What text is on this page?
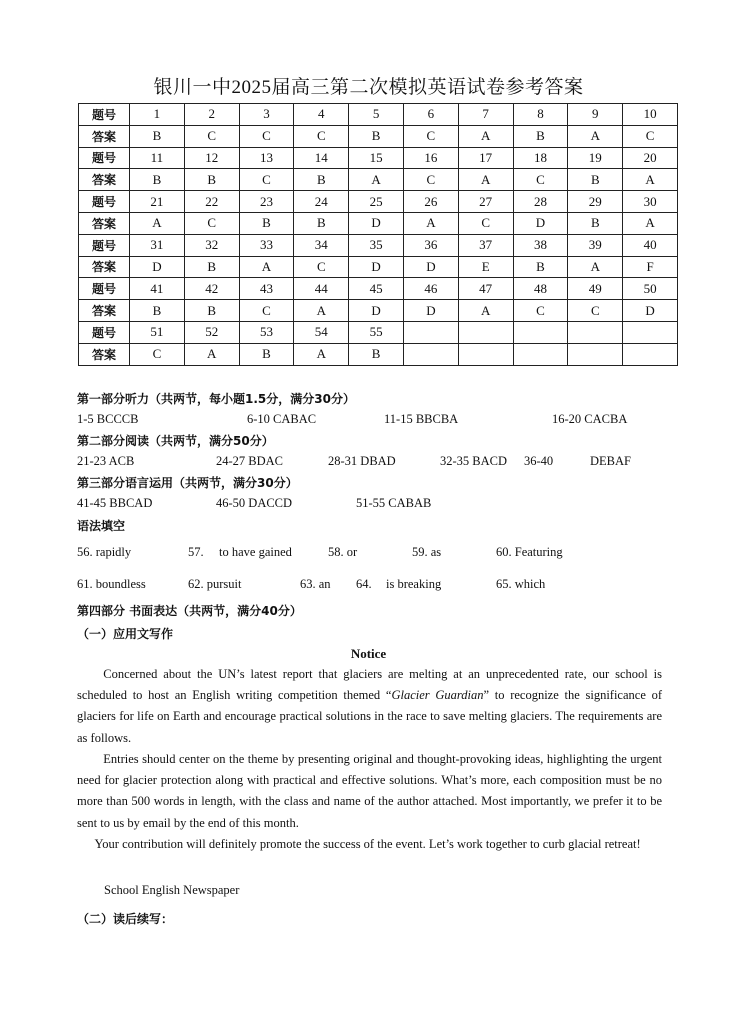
银川一中2025届高三第二次模拟英语试卷参考答案
题号	1	2	3	4	5	6	7	8	9	10
答案	B	C	C	C	B	C	A	B	A	C
题号	11	12	13	14	15	16	17	18	19	20
答案	B	B	C	B	A	C	A	C	B	A
题号	21	22	23	24	25	26	27	28	29	30
答案	A	C	B	B	D	A	C	D	B	A
题号	31	32	33	34	35	36	37	38	39	40
答案	D	B	A	C	D	D	E	B	A	F
题号	41	42	43	44	45	46	47	48	49	50
答案	B	B	C	A	D	D	A	C	C	D
题号	51	52	53	54	55					
答案	C	A	B	A	B					
第一部分听力（共两节，每小题1.5分，满分30分）
1-5 BCCCB	6-10 CABAC	11-15 BBCBA	16-20 CACBA
第二部分阅读（共两节，满分50分）
21-23 ACB	24-27 BDAC	28-31 DBAD	32-35 BACD 36-40	DEBAF
第三部分语言运用（共两节，满分30分）
41-45 BBCAD	46-50 DACCD	51-55 CABAB
语法填空
56. rapidly	57. to have gained	58. or	59. as	60. Featuring
61. boundless	62. pursuit	63. an 64. is breaking	65. which
第四部分 书面表达（共两节，满分40分）
（一）应用文写作
Notice

Concerned about the UN’s latest report that glaciers are melting at an unprecedented rate, our school is scheduled to host an English writing competition themed “Glacier Guardian” to recognize the significance of glaciers for life on Earth and encourage practical solutions in the race to save melting glaciers. The requirements are as follows.

Entries should center on the theme by presenting original and thought-provoking ideas, highlighting the urgent need for glacier protection along with practical and effective solutions. What’s more, each composition must be no more than 500 words in length, with the class and name of the author attached. Most importantly, we prefer it to be sent to us by email by the end of this month.

Your contribution will definitely promote the success of the event. Let’s work together to curb glacial retreat!

School English Newspaper
（二）读后续写：
